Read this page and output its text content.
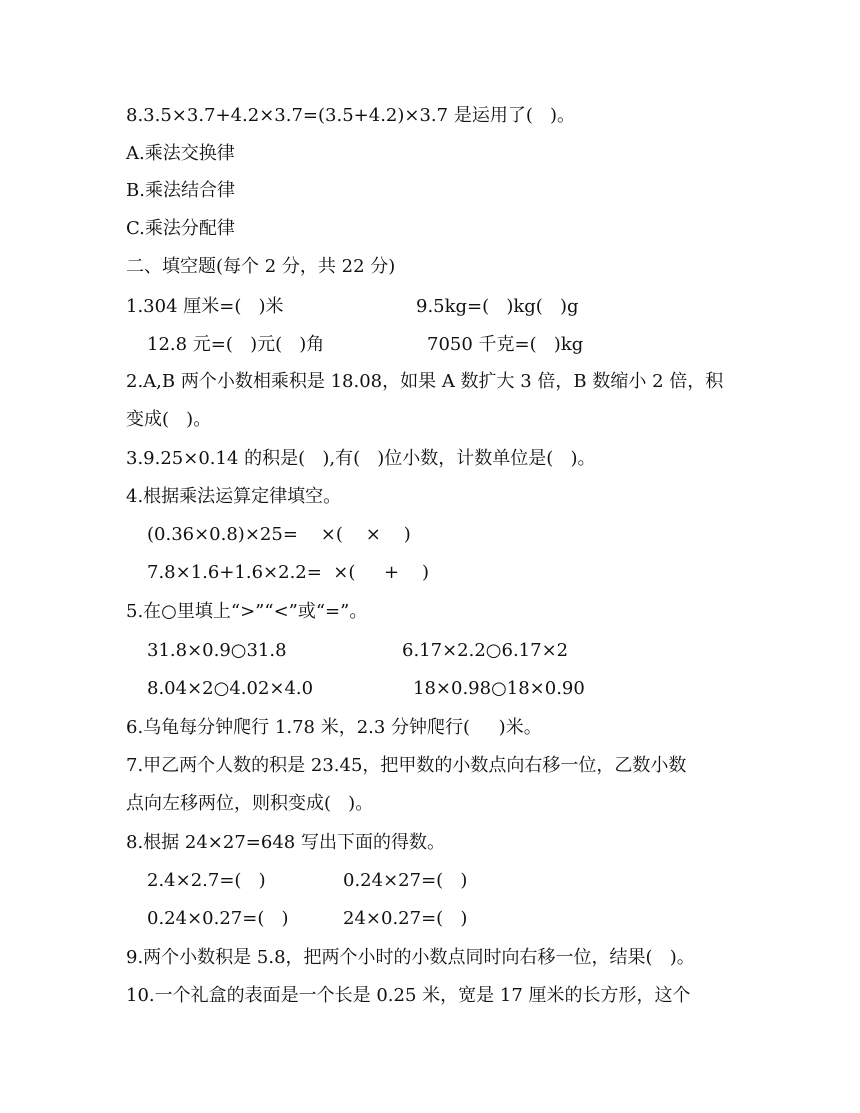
8.3.5×3.7+4.2×3.7=(3.5+4.2)×3.7 是运用了(   )。
A.乘法交换律
B.乘法结合律
C.乘法分配律
二、填空题(每个 2 分，共 22 分)
1.304 厘米=(   )米	9.5kg=(   )kg(   )g
12.8 元=(   )元(   )角	7050 千克=(   )kg
2.A,B 两个小数相乘积是 18.08，如果 A 数扩大 3 倍，B 数缩小 2 倍，积
变成(   )。
3.9.25×0.14 的积是(   ),有(   )位小数，计数单位是(   )。
4.根据乘法运算定律填空。
(0.36×0.8)×25=    ×(    ×    )
7.8×1.6+1.6×2.2=  ×(     +    )
5.在○里填上“>”“<”或“=”。
31.8×0.9○31.8	6.17×2.2○6.17×2
8.04×2○4.02×4.0	18×0.98○18×0.90
6.乌龟每分钟爬行 1.78 米，2.3 分钟爬行(     )米。
7.甲乙两个人数的积是 23.45，把甲数的小数点向右移一位，乙数小数
点向左移两位，则积变成(   )。
8.根据 24×27=648 写出下面的得数。
2.4×2.7=(   )	0.24×27=(   )
0.24×0.27=(   )	24×0.27=(   )
9.两个小数积是 5.8，把两个小时的小数点同时向右移一位，结果(   )。
10.一个礼盒的表面是一个长是 0.25 米，宽是 17 厘米的长方形，这个
